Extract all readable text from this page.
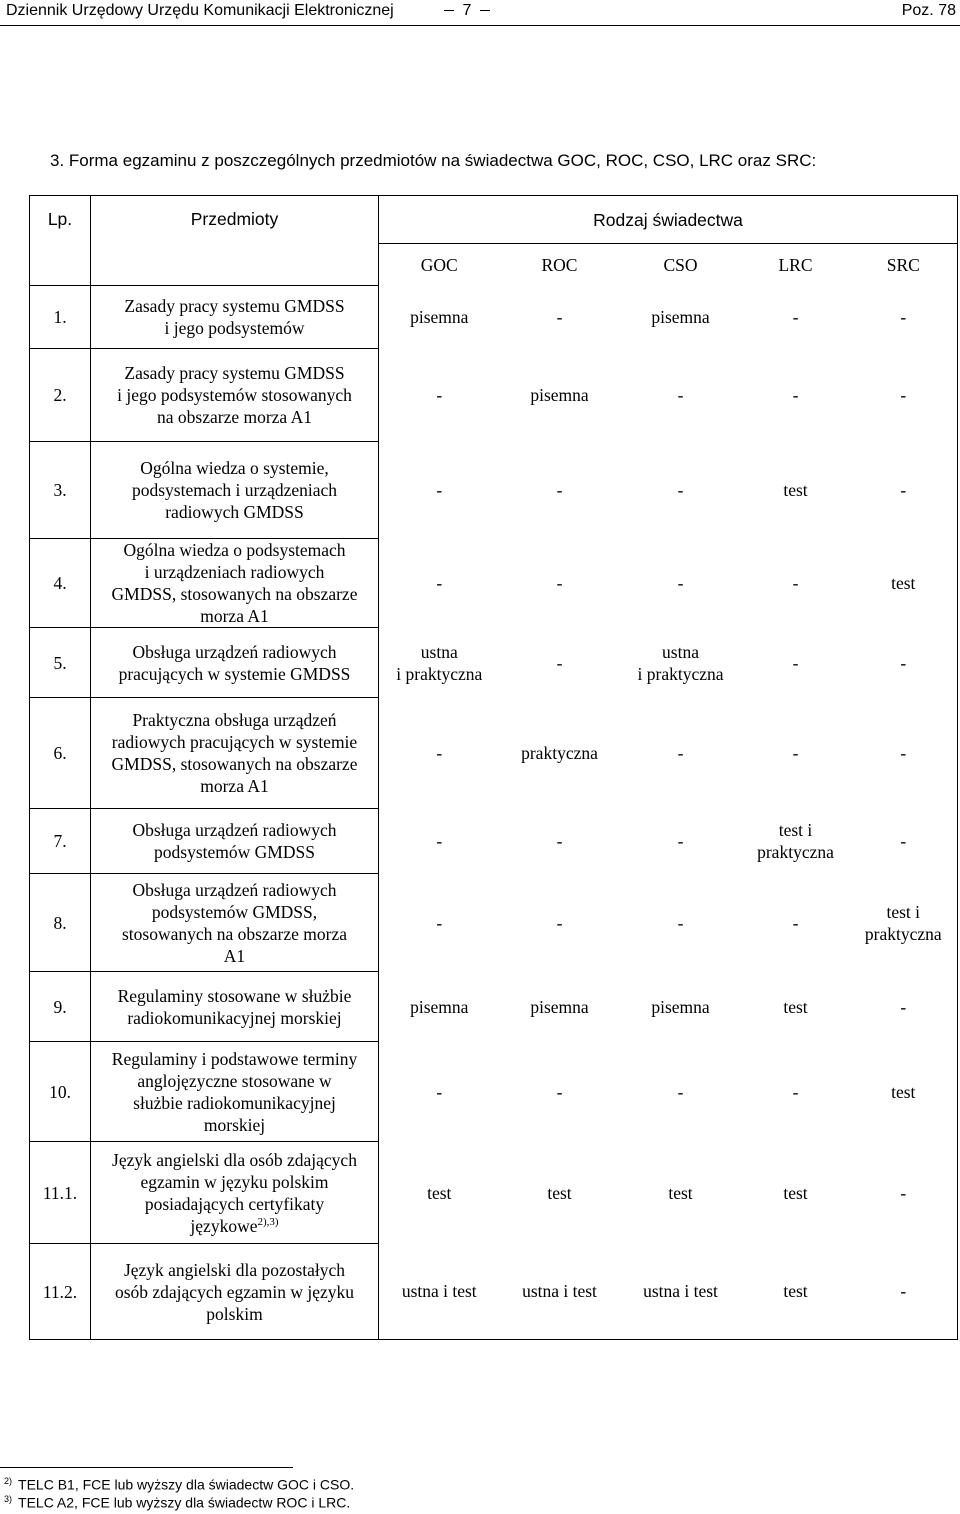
Dziennik Urzędowy Urzędu Komunikacji Elektronicznej	7	Poz. 78
3. Forma egzaminu z poszczególnych przedmiotów na świadectwa GOC, ROC, CSO, LRC oraz SRC:
Lp.	Przedmioty	Rodzaj świadectwa				
		GOC	ROC	CSO	LRC	SRC
1.	Zasady pracy systemu GMDSS
i jego podsystemów	pisemna	-	pisemna	-	-
2.	Zasady pracy systemu GMDSS
i jego podsystemów stosowanych
na obszarze morza A1	-	pisemna	-	-	-
3.	Ogólna wiedza o systemie,
podsystemach i urządzeniach
radiowych GMDSS	-	-	-	test	-
4.	Ogólna wiedza o podsystemach
i urządzeniach radiowych
GMDSS, stosowanych na obszarze
morza A1	-	-	-	-	test
5.	Obsługa urządzeń radiowych
pracujących w systemie GMDSS	ustna
i praktyczna	-	ustna
i praktyczna	-	-
6.	Praktyczna obsługa urządzeń
radiowych pracujących w systemie
GMDSS, stosowanych na obszarze
morza A1	-	praktyczna	-	-	-
7.	Obsługa urządzeń radiowych
podsystemów GMDSS	-	-	-	test i
praktyczna	-
8.	Obsługa urządzeń radiowych
podsystemów GMDSS,
stosowanych na obszarze morza
A1	-	-	-	-	test i
praktyczna
9.	Regulaminy stosowane w służbie
radiokomunikacyjnej morskiej	pisemna	pisemna	pisemna	test	-
10.	Regulaminy i podstawowe terminy
anglojęzyczne stosowane w
służbie radiokomunikacyjnej
morskiej	-	-	-	-	test
11.1.	Język angielski dla osób zdających
egzamin w języku polskim
posiadających certyfikaty
językowe$^{2),3)}$	test	test	test	test	-
11.2.	Język angielski dla pozostałych
osób zdających egzamin w języku
polskim	ustna i test	ustna i test	ustna i test	test	-
$^{2)}$ TELC B1, FCE lub wyższy dla świadectw GOC i CSO.
$^{3)}$ TELC A2, FCE lub wyższy dla świadectw ROC i LRC.
